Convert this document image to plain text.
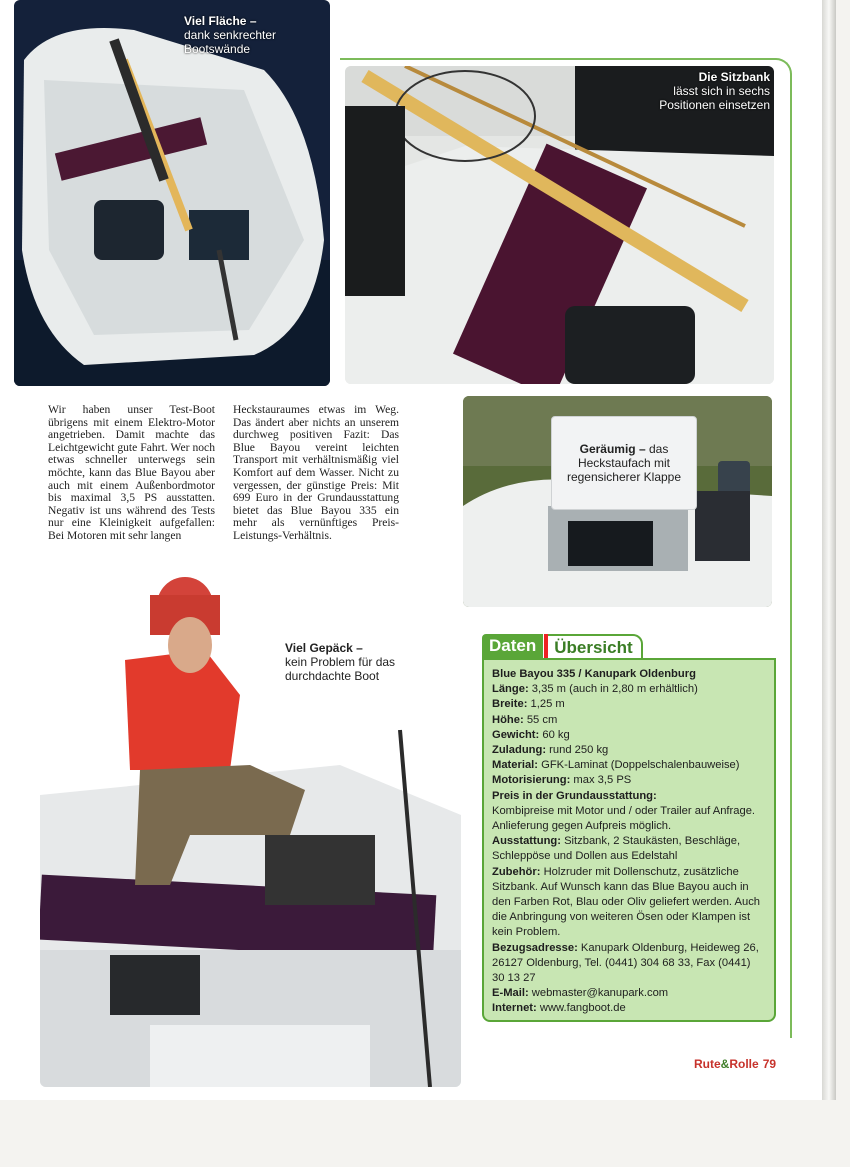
Viel Fläche –
dank senkrechter Bootswände
Die Sitzbank
lässt sich in sechs Positionen einsetzen
Wir haben unser Test-Boot übrigens mit einem Elektro-Motor angetrieben. Damit machte das Leichtgewicht gute Fahrt. Wer noch etwas schneller unterwegs sein möchte, kann das Blue Bayou aber auch mit einem Außenbordmotor bis maximal 3,5 PS ausstatten. Negativ ist uns während des Tests nur eine Kleinigkeit aufgefallen: Bei Motoren mit sehr langen
Heckstauraumes etwas im Weg. Das ändert aber nichts an unserem durchweg positiven Fazit: Das Blue Bayou vereint leichten Transport mit verhältnismäßig viel Komfort auf dem Wasser. Nicht zu vergessen, der günstige Preis: Mit 699 Euro in der Grundausstattung bietet das Blue Bayou 335 ein mehr als vernünftiges Preis-Leistungs-Verhältnis.
Geräumig – das Heckstaufach mit regensicherer Klappe
Viel Gepäck –
kein Problem für das durchdachte Boot
Daten	Übersicht
Blue Bayou 335 / Kanupark Oldenburg
Länge: 3,35 m (auch in 2,80 m erhältlich)
Breite: 1,25 m
Höhe: 55 cm
Gewicht: 60 kg
Zuladung: rund 250 kg
Material: GFK-Laminat (Doppelschalenbauweise)
Motorisierung: max 3,5 PS
Preis in der Grundausstattung:
Kombipreise mit Motor und / oder Trailer auf Anfrage. Anlieferung gegen Aufpreis möglich.
Ausstattung: Sitzbank, 2 Staukästen, Beschläge, Schleppöse und Dollen aus Edelstahl
Zubehör: Holzruder mit Dollenschutz, zusätzliche Sitzbank. Auf Wunsch kann das Blue Bayou auch in den Farben Rot, Blau oder Oliv geliefert werden. Auch die Anbringung von weiteren Ösen oder Klampen ist kein Problem.
Bezugsadresse: Kanupark Oldenburg, Heideweg 26, 26127 Oldenburg, Tel. (0441) 304 68 33, Fax (0441) 30 13 27
E-Mail: webmaster@kanupark.com
Internet: www.fangboot.de
Rute&Rolle 79
